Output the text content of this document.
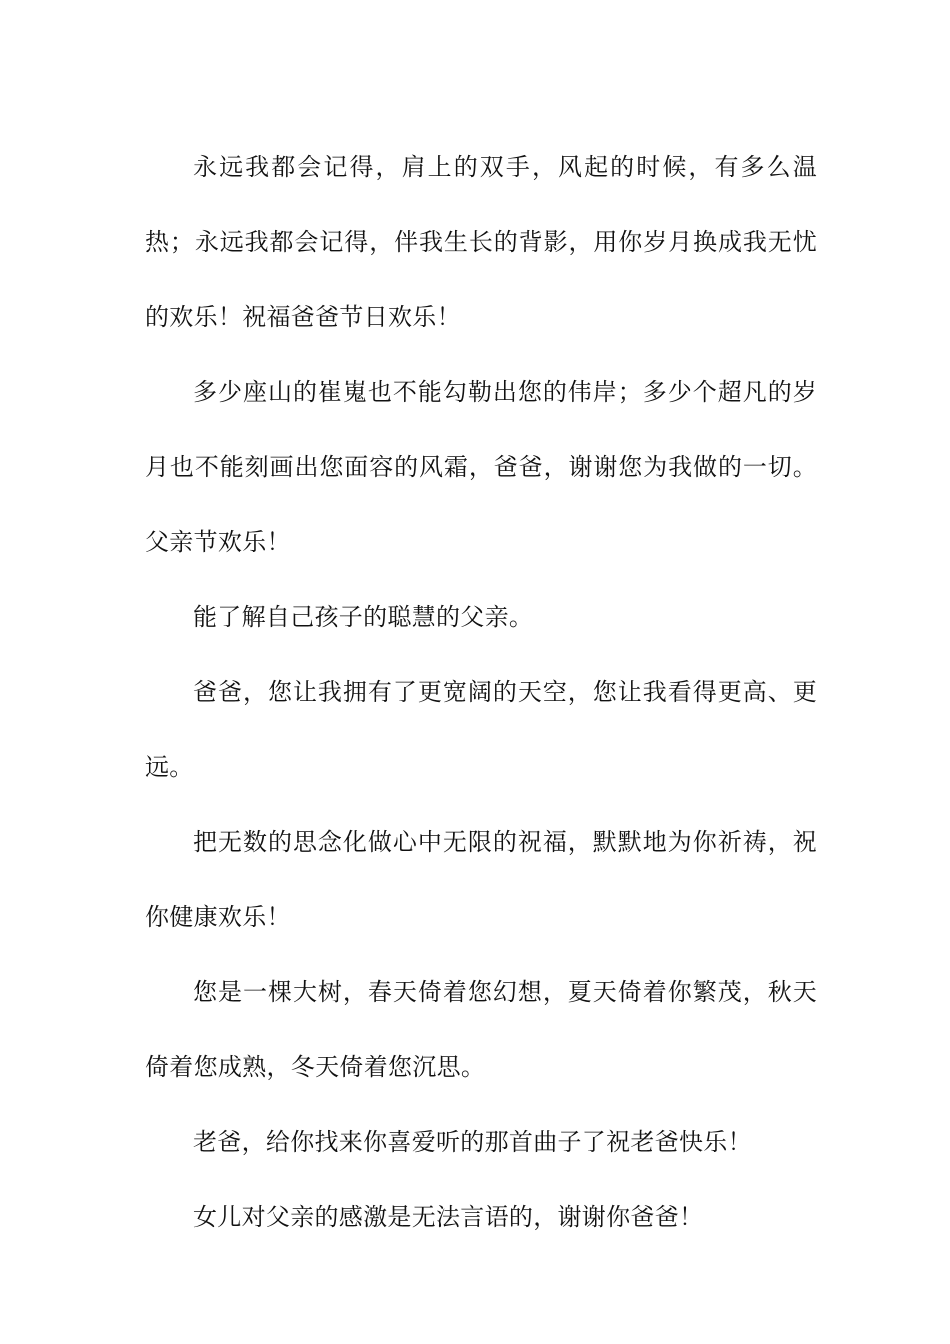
永远我都会记得，肩上的双手，风起的时候，有多么温热；永远我都会记得，伴我生长的背影，用你岁月换成我无忧的欢乐！祝福爸爸节日欢乐！

多少座山的崔嵬也不能勾勒出您的伟岸；多少个超凡的岁月也不能刻画出您面容的风霜，爸爸，谢谢您为我做的一切。父亲节欢乐！

能了解自己孩子的聪慧的父亲。

爸爸，您让我拥有了更宽阔的天空，您让我看得更高、更远。

把无数的思念化做心中无限的祝福，默默地为你祈祷，祝你健康欢乐！

您是一棵大树，春天倚着您幻想，夏天倚着你繁茂，秋天倚着您成熟，冬天倚着您沉思。

老爸，给你找来你喜爱听的那首曲子了祝老爸快乐！

女儿对父亲的感激是无法言语的，谢谢你爸爸！
